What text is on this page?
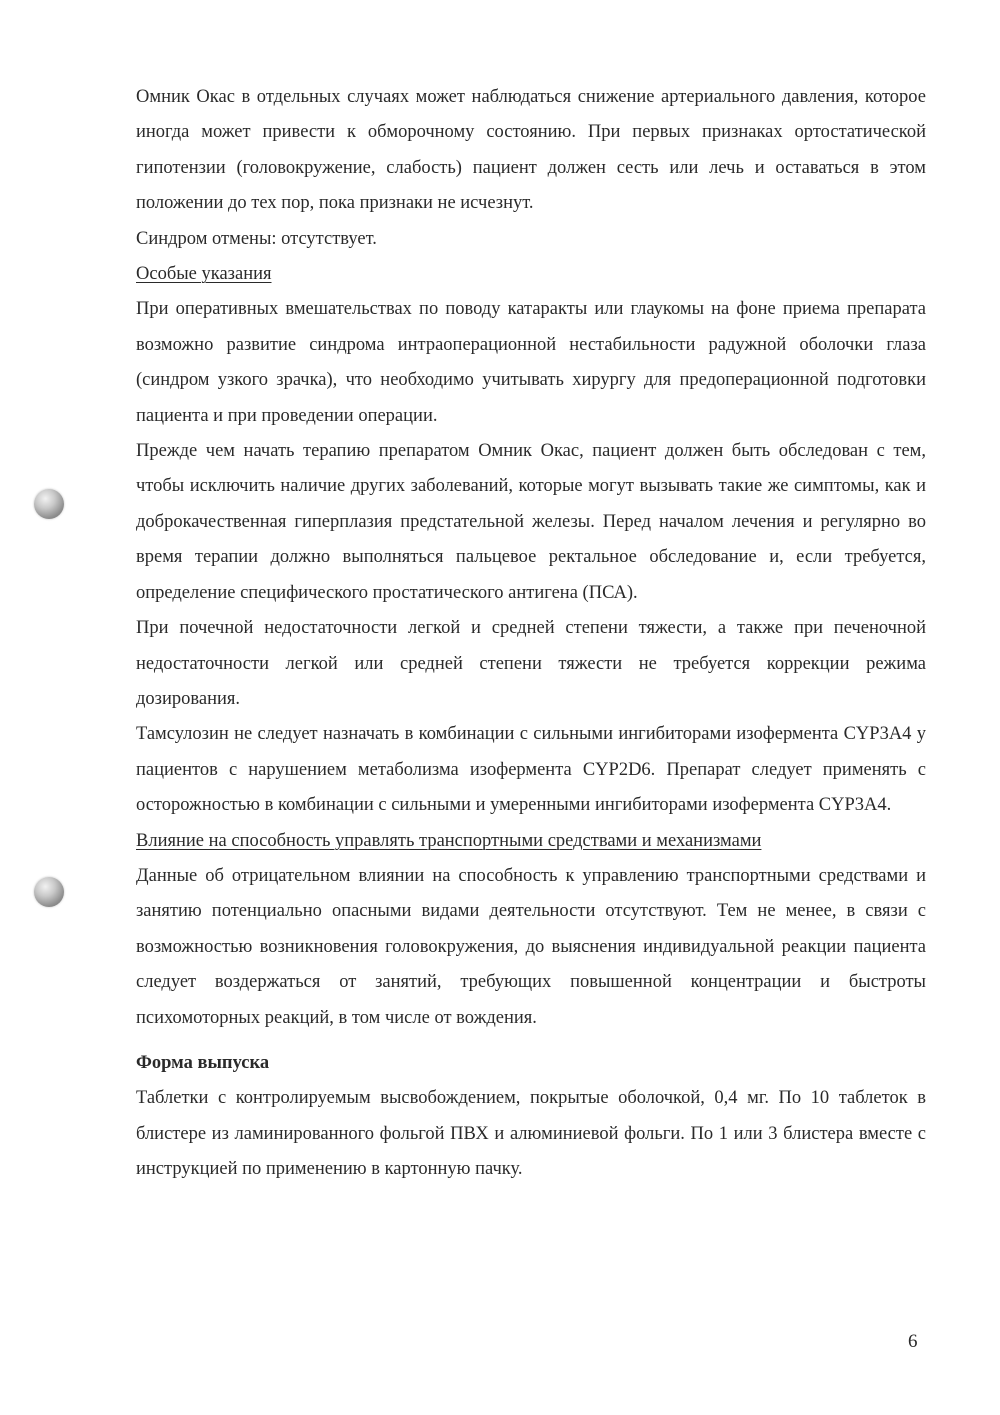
Омник Окас в отдельных случаях может наблюдаться снижение артериального давления, которое иногда может привести к обморочному состоянию. При первых признаках ортостатической гипотензии (головокружение, слабость) пациент должен сесть или лечь и оставаться в этом положении до тех пор, пока признаки не исчезнут.

Синдром отмены: отсутствует.

Особые указания

При оперативных вмешательствах по поводу катаракты или глаукомы на фоне приема препарата возможно развитие синдрома интраоперационной нестабильности радужной оболочки глаза (синдром узкого зрачка), что необходимо учитывать хирургу для предоперационной подготовки пациента и при проведении операции.

Прежде чем начать терапию препаратом Омник Окас, пациент должен быть обследован с тем, чтобы исключить наличие других заболеваний, которые могут вызывать такие же симптомы, как и доброкачественная гиперплазия предстательной железы. Перед началом лечения и регулярно во время терапии должно выполняться пальцевое ректальное обследование и, если требуется, определение специфического простатического антигена (ПСА).

При почечной недостаточности легкой и средней степени тяжести, а также при печеночной недостаточности легкой или средней степени тяжести не требуется коррекции режима дозирования.

Тамсулозин не следует назначать в комбинации с сильными ингибиторами изофермента CYP3A4 у пациентов с нарушением метаболизма изофермента CYP2D6. Препарат следует применять с осторожностью в комбинации с сильными и умеренными ингибиторами изофермента CYP3A4.

Влияние на способность управлять транспортными средствами и механизмами

Данные об отрицательном влиянии на способность к управлению транспортными средствами и занятию потенциально опасными видами деятельности отсутствуют. Тем не менее, в связи с возможностью возникновения головокружения, до выяснения индивидуальной реакции пациента следует воздержаться от занятий, требующих повышенной концентрации и быстроты психомоторных реакций, в том числе от вождения.

Форма выпуска

Таблетки с контролируемым высвобождением, покрытые оболочкой, 0,4 мг. По 10 таблеток в блистере из ламинированного фольгой ПВХ и алюминиевой фольги. По 1 или 3 блистера вместе с инструкцией по применению в картонную пачку.

6
